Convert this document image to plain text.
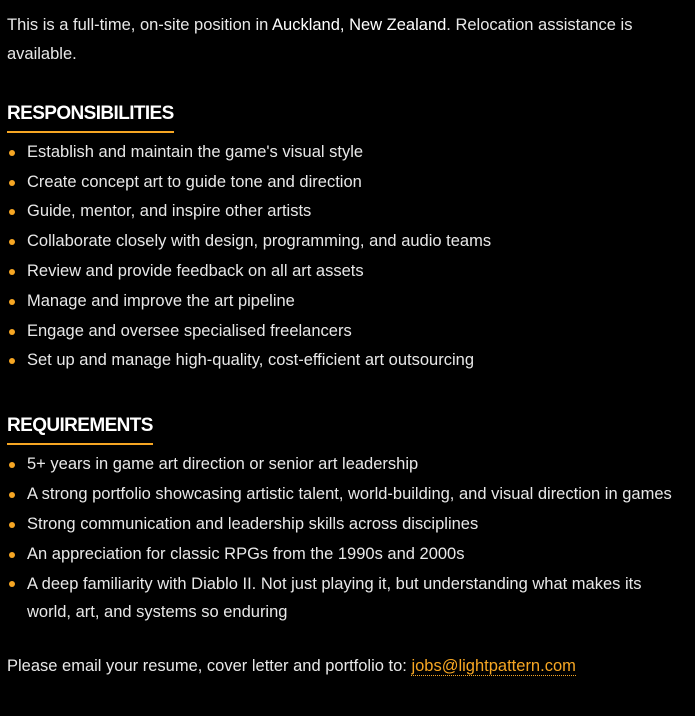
This is a full-time, on-site position in Auckland, New Zealand. Relocation assistance is available.

RESPONSIBILITIES
Establish and maintain the game's visual style
Create concept art to guide tone and direction
Guide, mentor, and inspire other artists
Collaborate closely with design, programming, and audio teams
Review and provide feedback on all art assets
Manage and improve the art pipeline
Engage and oversee specialised freelancers
Set up and manage high-quality, cost-efficient art outsourcing
REQUIREMENTS
5+ years in game art direction or senior art leadership
A strong portfolio showcasing artistic talent, world-building, and visual direction in games
Strong communication and leadership skills across disciplines
An appreciation for classic RPGs from the 1990s and 2000s
A deep familiarity with Diablo II. Not just playing it, but understanding what makes its world, art, and systems so enduring

Please email your resume, cover letter and portfolio to: jobs@lightpattern.com
